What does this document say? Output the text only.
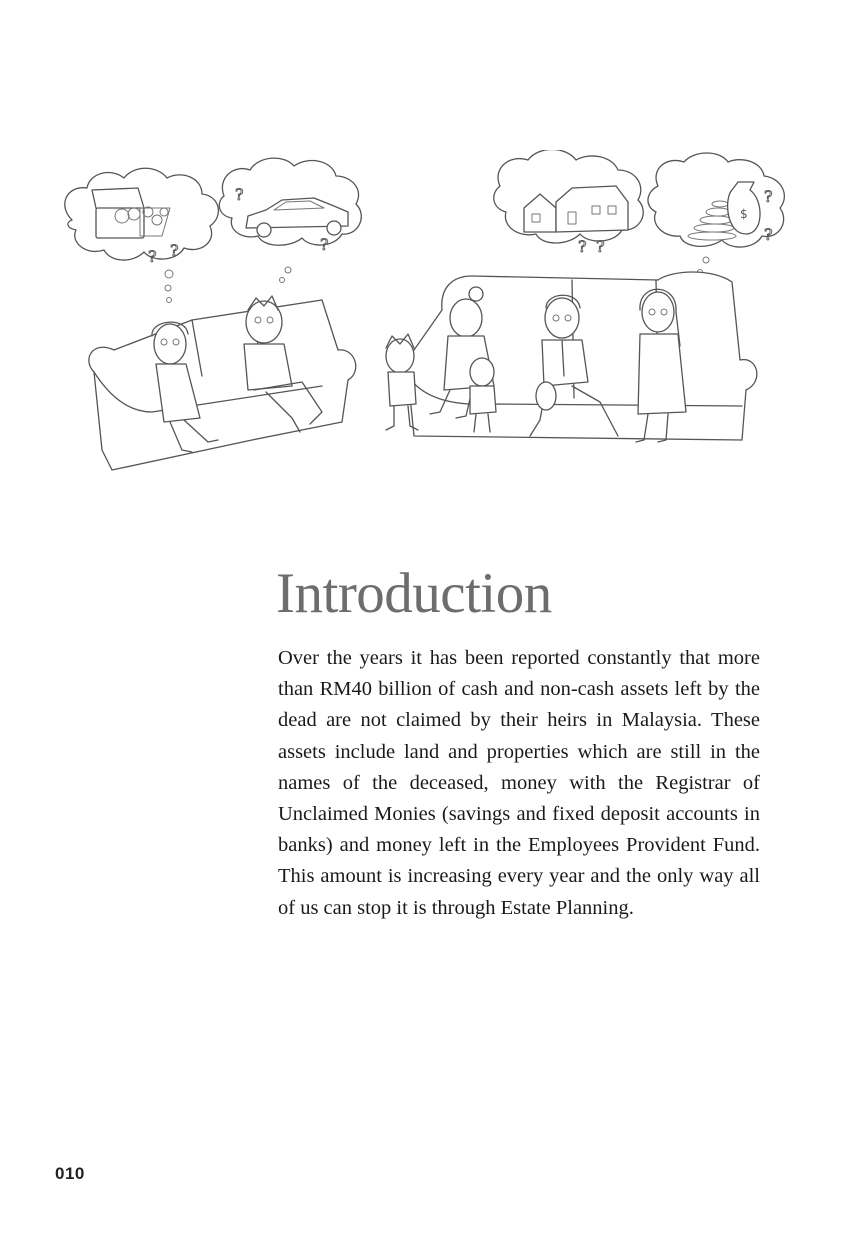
? ?
?
?	? ?
$
?
?
Introduction

Over the years it has been reported constantly that more than RM40 billion of cash and non-cash assets left by the dead are not claimed by their heirs in Malaysia. These assets include land and properties which are still in the names of the deceased, money with the Registrar of Unclaimed Monies (savings and fixed deposit accounts in banks) and money left in the Employees Provident Fund. This amount is increasing every year and the only way all of us can stop it is through Estate Planning.

010
